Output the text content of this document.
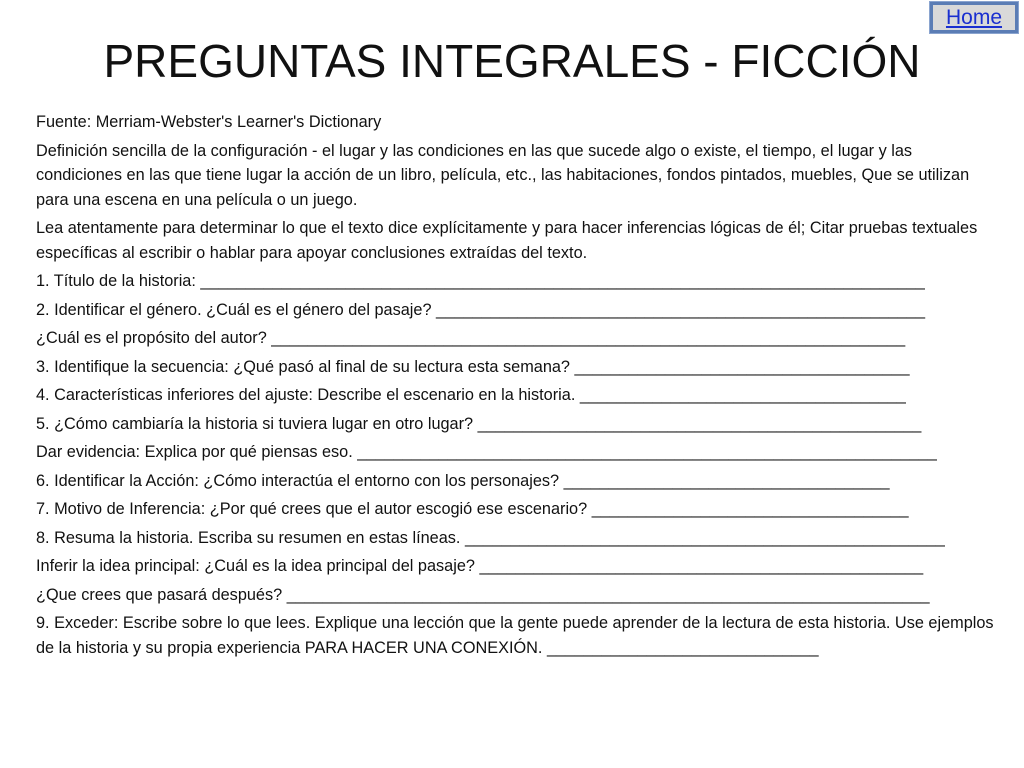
Home
PREGUNTAS INTEGRALES - FICCIÓN

Fuente: Merriam-Webster's Learner's Dictionary

Definición sencilla de la configuración - el lugar y las condiciones en las que sucede algo o existe, el tiempo, el lugar y las condiciones en las que tiene lugar la acción de un libro, película, etc., las habitaciones, fondos pintados, muebles, Que se utilizan para una escena en una película o un juego.

Lea atentamente para determinar lo que el texto dice explícitamente y para hacer inferencias lógicas de él; Citar pruebas textuales específicas al escribir o hablar para apoyar conclusiones extraídas del texto.

1. Título de la historia: ________________________________________________________________________________

2. Identificar el género. ¿Cuál es el género del pasaje? ______________________________________________________

¿Cuál es el propósito del autor? ______________________________________________________________________

3. Identifique la secuencia: ¿Qué pasó al final de su lectura esta semana? _____________________________________

4. Características inferiores del ajuste: Describe el escenario en la historia. ____________________________________

5. ¿Cómo cambiaría la historia si tuviera lugar en otro lugar? _________________________________________________

Dar evidencia: Explica por qué piensas eso. ________________________________________________________________

6. Identificar la Acción: ¿Cómo interactúa el entorno con los personajes? ____________________________________

7. Motivo de Inferencia: ¿Por qué crees que el autor escogió ese escenario? ___________________________________

8. Resuma la historia. Escriba su resumen en estas líneas. _____________________________________________________

Inferir la idea principal: ¿Cuál es la idea principal del pasaje? _________________________________________________

¿Que crees que pasará después? _______________________________________________________________________

9. Exceder: Escribe sobre lo que lees. Explique una lección que la gente puede aprender de la lectura de esta historia. Use ejemplos de la historia y su propia experiencia PARA HACER UNA CONEXIÓN. ______________________________
